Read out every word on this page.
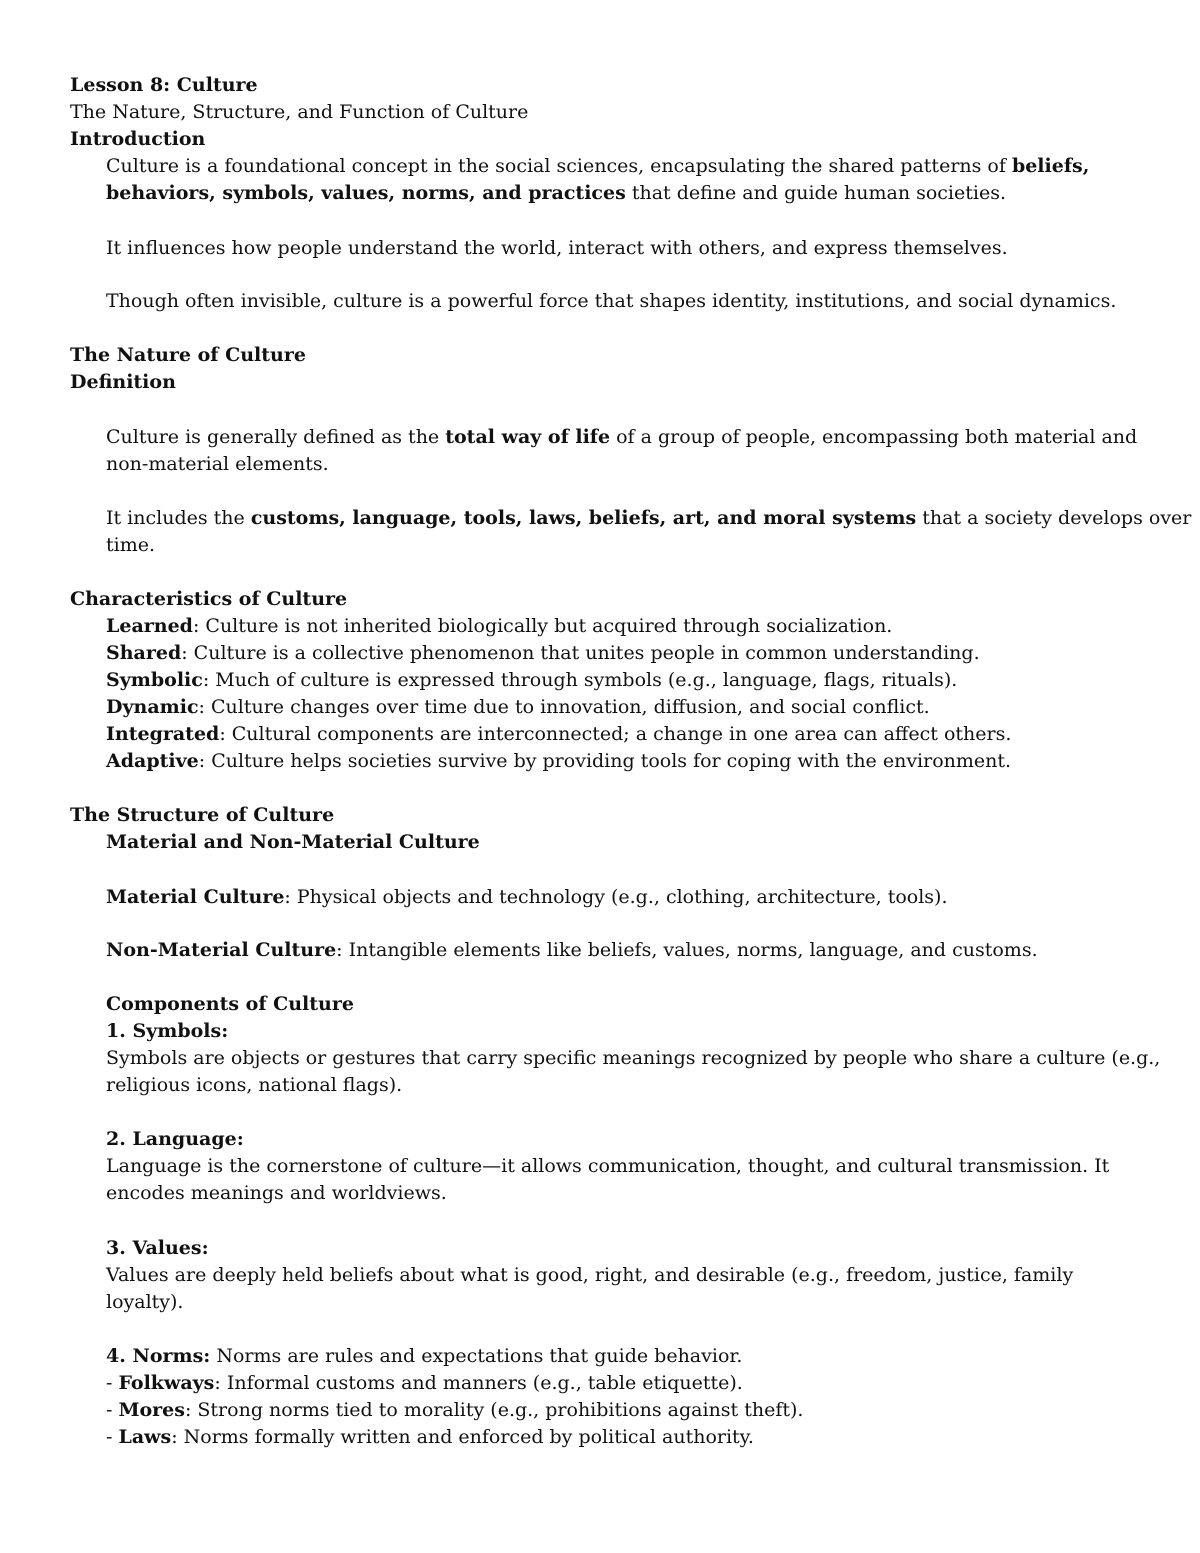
Lesson 8: Culture
The Nature, Structure, and Function of Culture
Introduction
Culture is a foundational concept in the social sciences, encapsulating the shared patterns of beliefs,
behaviors, symbols, values, norms, and practices that define and guide human societies.
It influences how people understand the world, interact with others, and express themselves.
Though often invisible, culture is a powerful force that shapes identity, institutions, and social dynamics.
The Nature of Culture
Definition
Culture is generally defined as the total way of life of a group of people, encompassing both material and
non-material elements.
It includes the customs, language, tools, laws, beliefs, art, and moral systems that a society develops over
time.
Characteristics of Culture
Learned: Culture is not inherited biologically but acquired through socialization.
Shared: Culture is a collective phenomenon that unites people in common understanding.
Symbolic: Much of culture is expressed through symbols (e.g., language, flags, rituals).
Dynamic: Culture changes over time due to innovation, diffusion, and social conflict.
Integrated: Cultural components are interconnected; a change in one area can affect others.
Adaptive: Culture helps societies survive by providing tools for coping with the environment.
The Structure of Culture
Material and Non-Material Culture
Material Culture: Physical objects and technology (e.g., clothing, architecture, tools).
Non-Material Culture: Intangible elements like beliefs, values, norms, language, and customs.
Components of Culture
1. Symbols:
Symbols are objects or gestures that carry specific meanings recognized by people who share a culture (e.g.,
religious icons, national flags).
2. Language:
Language is the cornerstone of culture—it allows communication, thought, and cultural transmission. It
encodes meanings and worldviews.
3. Values:
Values are deeply held beliefs about what is good, right, and desirable (e.g., freedom, justice, family
loyalty).
4. Norms: Norms are rules and expectations that guide behavior.
- Folkways: Informal customs and manners (e.g., table etiquette).
- Mores: Strong norms tied to morality (e.g., prohibitions against theft).
- Laws: Norms formally written and enforced by political authority.
